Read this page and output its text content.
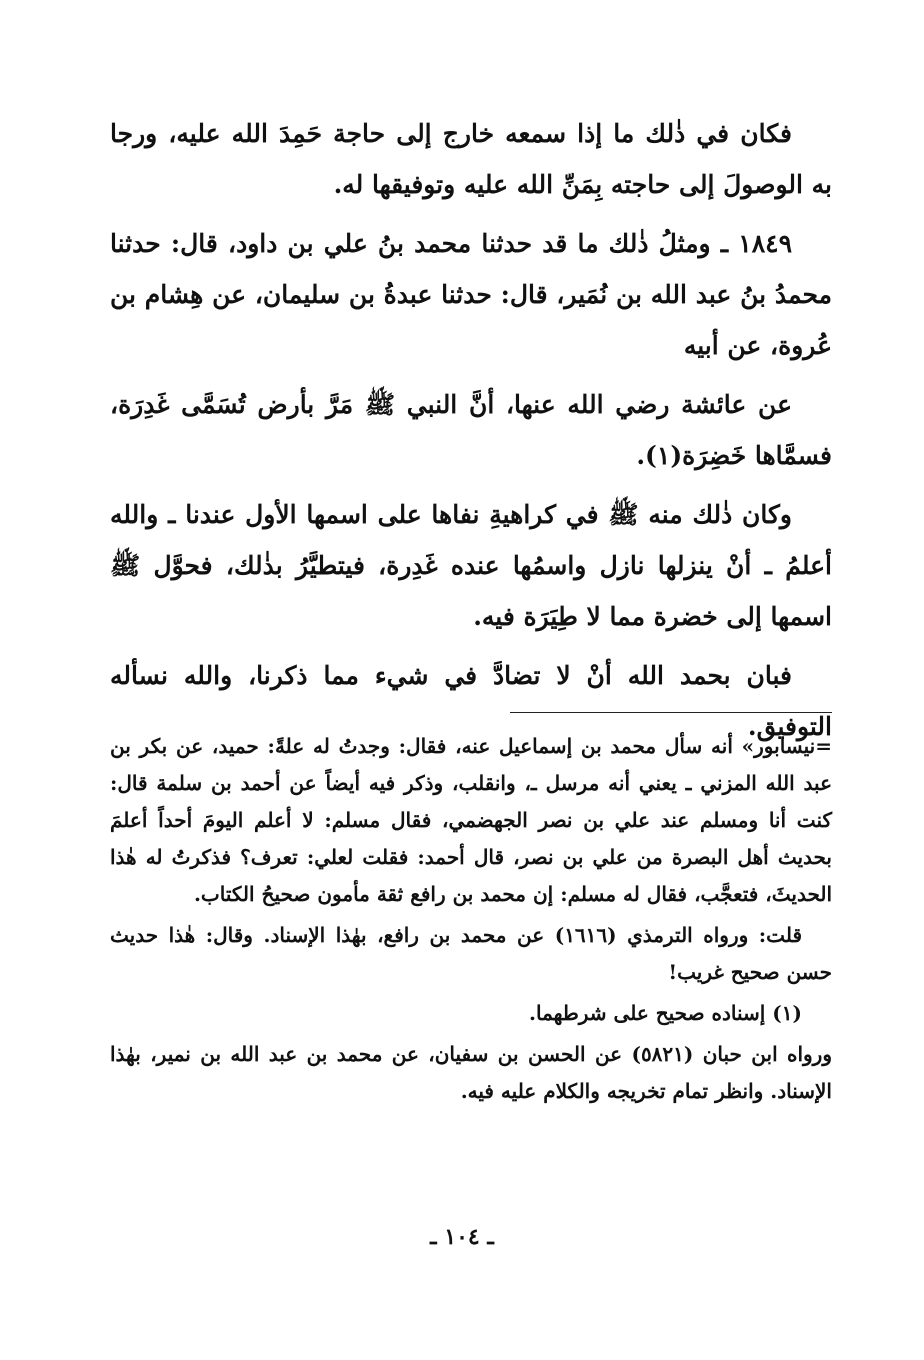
فكان في ذٰلك ما إذا سمعه خارج إلى حاجة حَمِدَ الله عليه، ورجا به الوصولَ إلى حاجته بِمَنِّ الله عليه وتوفيقها له.

١٨٤٩ ـ ومثلُ ذٰلك ما قد حدثنا محمد بنُ علي بن داود، قال: حدثنا محمدُ بنُ عبد الله بن نُمَير، قال: حدثنا عبدةُ بن سليمان، عن هِشام بن عُروة، عن أبيه

عن عائشة رضي الله عنها، أنَّ النبي ﷺ مَرَّ بأرض تُسَمَّى غَدِرَة، فسمَّاها خَضِرَة(١).

وكان ذٰلك منه ﷺ في كراهيةِ نفاها على اسمها الأول عندنا ـ والله أعلمُ ـ أنْ ينزلها نازل واسمُها عنده غَدِرة، فيتطيَّرُ بذٰلك، فحوَّل ﷺ اسمها إلى خضرة مما لا طِيَرَة فيه.

فبان بحمد الله أنْ لا تضادَّ في شيء مما ذكرنا، والله نسأله التوفيق.

=نيسابور» أنه سأل محمد بن إسماعيل عنه، فقال: وجدتُ له علةً: حميد، عن بكر بن عبد الله المزني ـ يعني أنه مرسل ـ، وانقلب، وذكر فيه أيضاً عن أحمد بن سلمة قال: كنت أنا ومسلم عند علي بن نصر الجهضمي، فقال مسلم: لا أعلم اليومَ أحداً أعلمَ بحديث أهل البصرة من علي بن نصر، قال أحمد: فقلت لعلي: تعرف؟ فذكرتُ له هٰذا الحديثَ، فتعجَّب، فقال له مسلم: إن محمد بن رافع ثقة مأمون صحيحُ الكتاب.

قلت: ورواه الترمذي (١٦١٦) عن محمد بن رافع، بهٰذا الإسناد. وقال: هٰذا حديث حسن صحيح غريب!

(١) إسناده صحيح على شرطهما.

ورواه ابن حبان (٥٨٢١) عن الحسن بن سفيان، عن محمد بن عبد الله بن نمير، بهٰذا الإسناد. وانظر تمام تخريجه والكلام عليه فيه.

ـ ١٠٤ ـ
